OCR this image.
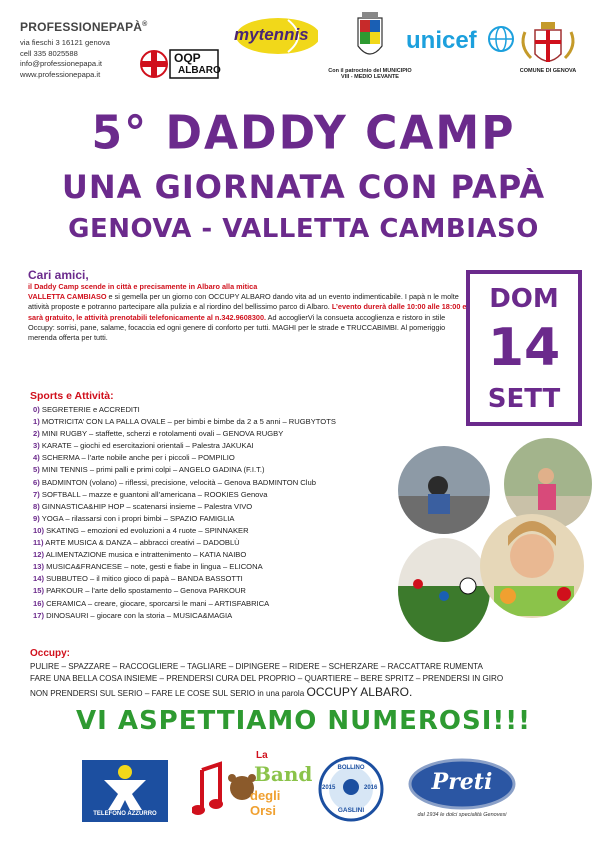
PROFESSIONEPAPÀ®
via fieschi 3 16121 genova
cell 335 8025588
info@professionepapa.it
www.professionepapa.it
OQP
ALBARO
mytennis
Con il patrocinio del MUNICIPIO VIII - MEDIO LEVANTE
unicef
COMUNE DI GENOVA
5° DADDY CAMP
UNA GIORNATA CON PAPÀ
GENOVA - VALLETTA CAMBIASO
Cari amici,
il Daddy Camp scende in città e precisamente in Albaro alla mitica
VALLETTA CAMBIASO e si gemella per un giorno con OCCUPY ALBARO dando vita ad un evento indimenticabile. I papà n le molte attività proposte e potranno partecipare alla pulizia e al riordino del bellissimo parco di Albaro. L’evento durerà dalle 10:00 alle 18:00 e sarà gratuito, le attività prenotabili telefonicamente al n.342.9608300. Ad accoglierVi la consueta accoglienza e ristoro in stile Occupy: sorrisi, pane, salame, focaccia ed ogni genere di conforto per tutti. MAGHI per le strade e TRUCCABIMBI. Al pomeriggio merenda offerta per tutti.
DOM
14
SETT
Sports e Attività:
0) SEGRETERIE e ACCREDITI
1) MOTRICITA’ CON LA PALLA OVALE – per bimbi e bimbe da 2 a 5 anni – RUGBYTOTS
2) MINI RUGBY – staffette, scherzi e rotolamenti ovali – GENOVA RUGBY
3) KARATE – giochi ed esercitazioni orientali – Palestra JAKUKAI
4) SCHERMA – l’arte nobile anche per i piccoli – POMPILIO
5) MINI TENNIS – primi palli e primi colpi – ANGELO GADINA (F.I.T.)
6) BADMINTON (volano) – riflessi, precisione, velocità – Genova BADMINTON Club
7) SOFTBALL – mazze e guantoni all’americana – ROOKIES Genova
8) GINNASTICA&HIP HOP – scatenarsi insieme – Palestra VIVO
9) YOGA – rilassarsi con i propri bimbi – SPAZIO FAMIGLIA
10) SKATING – emozioni ed evoluzioni a 4 ruote – SPINNAKER
11) ARTE MUSICA & DANZA – abbracci creativi – DADOBLÙ
12) ALIMENTAZIONE musica e intrattenimento – KATIA NAIBO
13) MUSICA&FRANCESE – note, gesti e fiabe in lingua – ELICONA
14) SUBBUTEO – il mitico gioco di papà – BANDA BASSOTTI
15) PARKOUR – l’arte dello spostamento – Genova PARKOUR
16) CERAMICA – creare, giocare, sporcarsi le mani – ARTISFABRICA
17) DINOSAURI – giocare con la storia – MUSICA&MAGIA
Occupy:
PULIRE – SPAZZARE – RACCOGLIERE – TAGLIARE – DIPINGERE – RIDERE – SCHERZARE – RACCATTARE RUMENTA
FARE UNA BELLA COSA INSIEME – PRENDERSI CURA DEL PROPRIO – QUARTIERE – BERE SPRITZ – PRENDERSI IN GIRO
NON PRENDERSI SUL SERIO – FARE LE COSE SUL SERIO in una parola OCCUPY ALBARO.
VI ASPETTIAMO NUMEROSI!!!
TELEFONO AZZURRO
La
Band
degli Orsi
BOLLINO
2015	2016
GASLINI
Preti
dal 1934 le dolci specialità Genovesi
